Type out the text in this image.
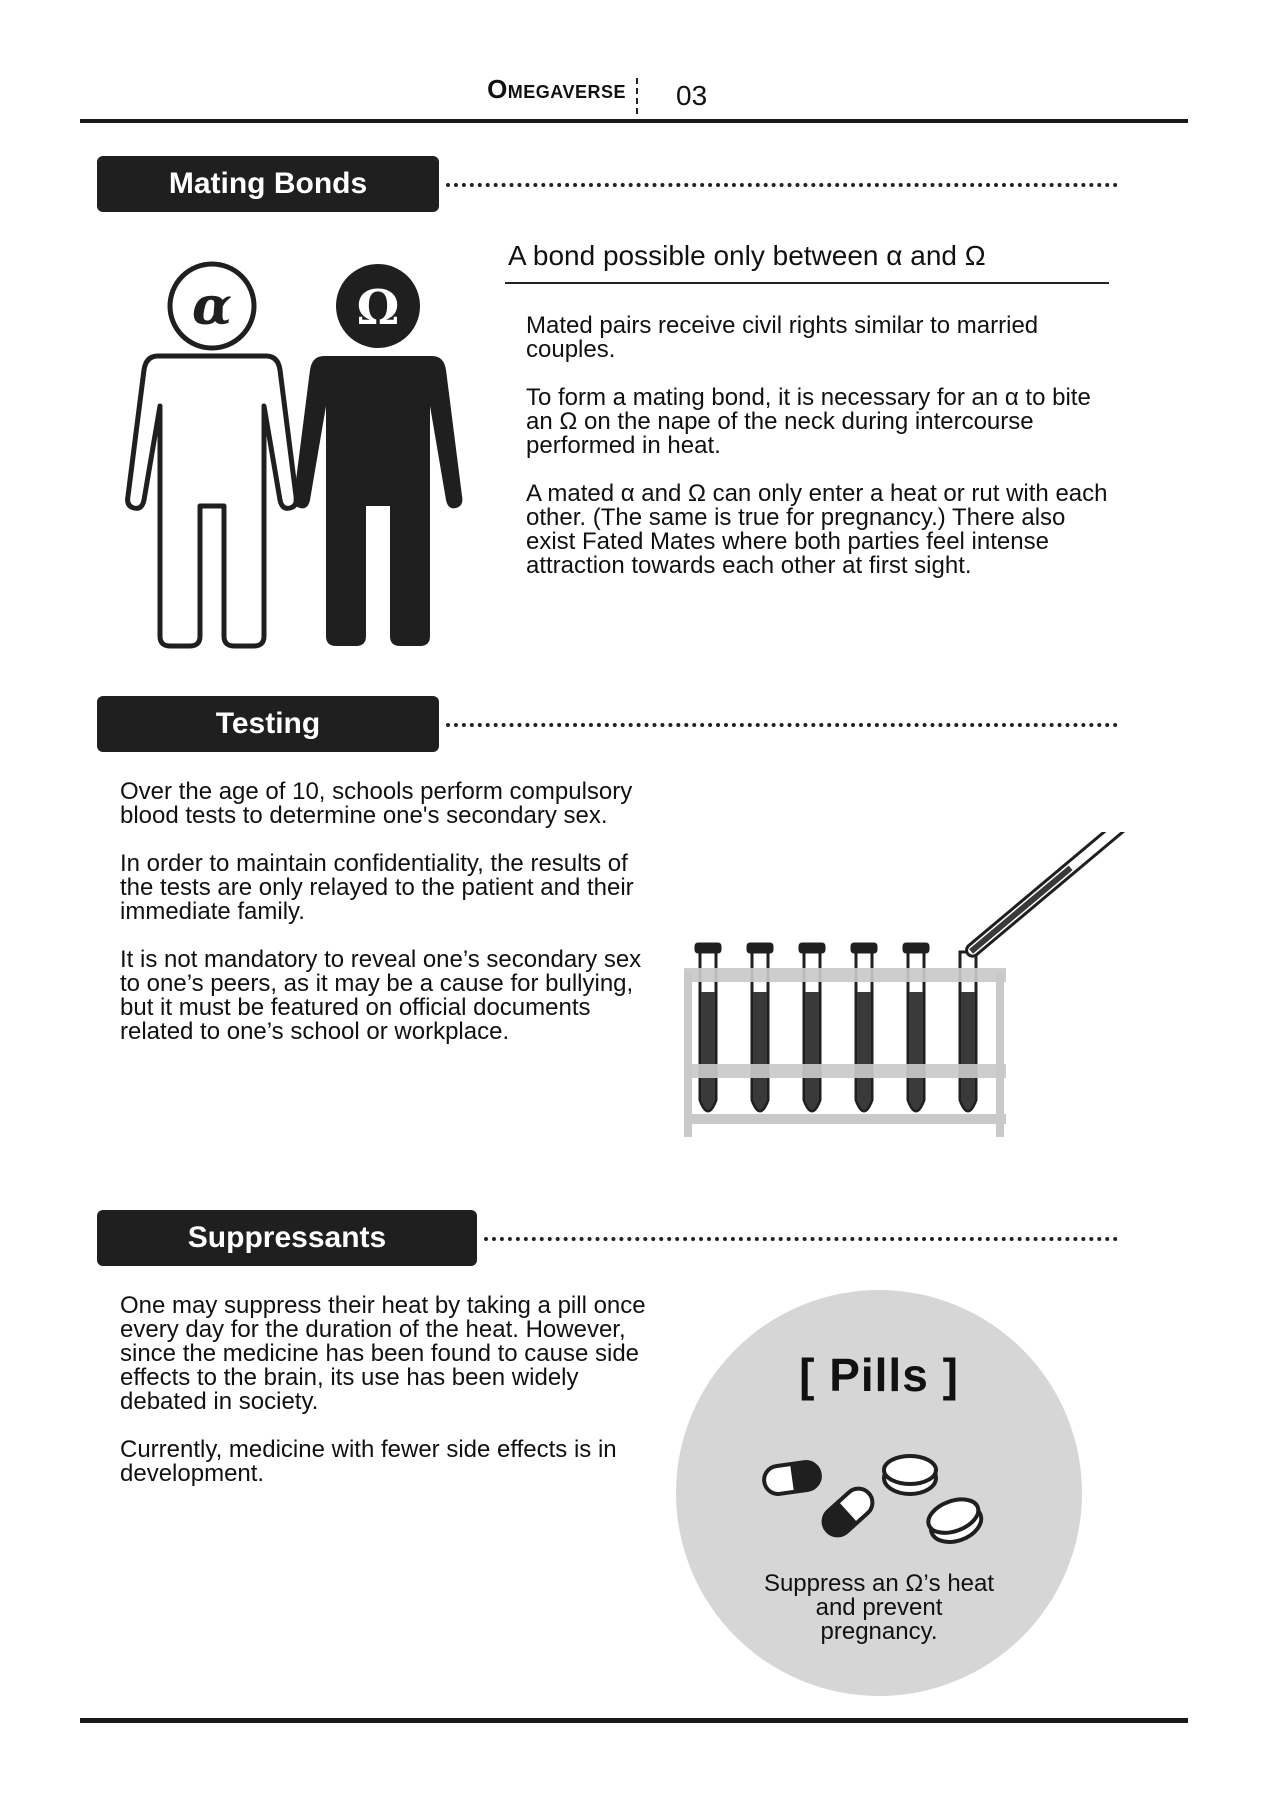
Omegaverse 03
Mating Bonds
A bond possible only between α and Ω

Mated pairs receive civil rights similar to married couples.

To form a mating bond, it is necessary for an α to bite an Ω on the nape of the neck during intercourse performed in heat.

A mated α and Ω can only enter a heat or rut with each other. (The same is true for pregnancy.) There also exist Fated Mates where both parties feel intense attraction towards each other at first sight.

α	Ω
Testing

Over the age of 10, schools perform compulsory blood tests to determine one's secondary sex.

In order to maintain confidentiality, the results of the tests are only relayed to the patient and their immediate family.

It is not mandatory to reveal one’s secondary sex to one’s peers, as it may be a cause for bullying, but it must be featured on official documents related to one’s school or workplace.

Suppressants

One may suppress their heat by taking a pill once every day for the duration of the heat. However, since the medicine has been found to cause side effects to the brain, its use has been widely debated in society.

Currently, medicine with fewer side effects is in development.

[ Pills ]
Suppress an Ω’s heat and prevent pregnancy.
